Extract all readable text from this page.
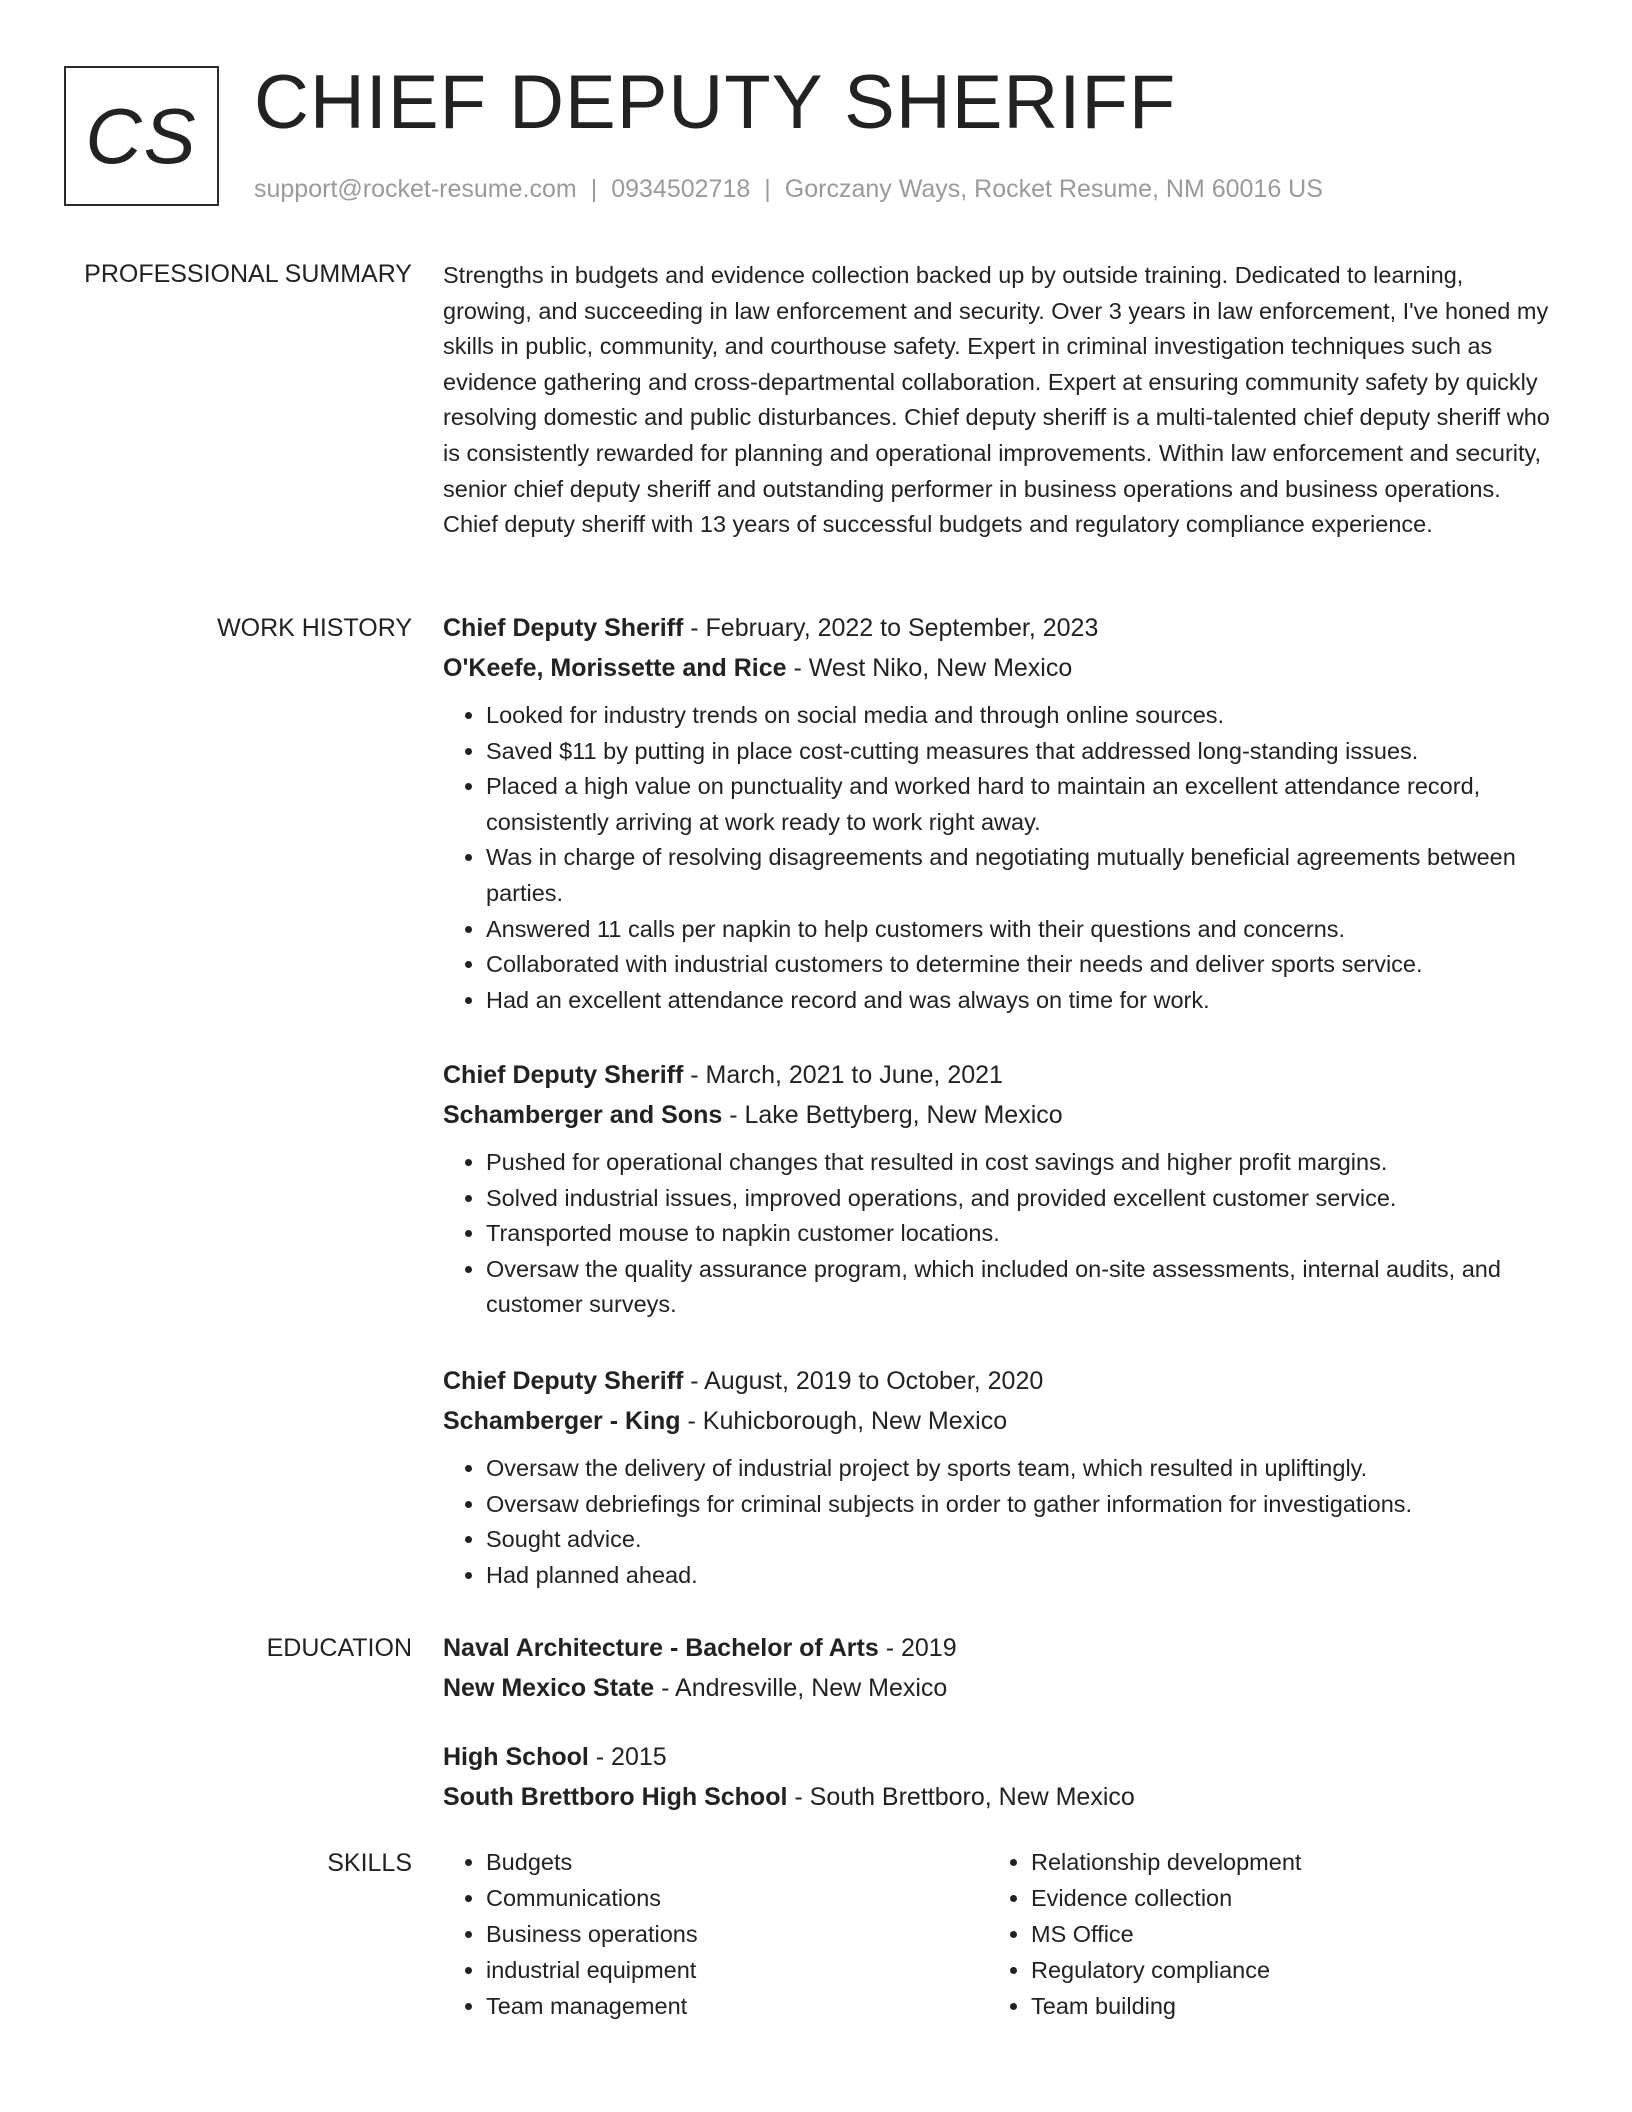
CS CHIEF DEPUTY SHERIFF
support@rocket-resume.com | 0934502718 | Gorczany Ways, Rocket Resume, NM 60016 US
PROFESSIONAL SUMMARY Strengths in budgets and evidence collection backed up by outside training. Dedicated to learning, growing, and succeeding in law enforcement and security. Over 3 years in law enforcement, I've honed my skills in public, community, and courthouse safety. Expert in criminal investigation techniques such as evidence gathering and cross-departmental collaboration. Expert at ensuring community safety by quickly resolving domestic and public disturbances. Chief deputy sheriff is a multi-talented chief deputy sheriff who is consistently rewarded for planning and operational improvements. Within law enforcement and security, senior chief deputy sheriff and outstanding performer in business operations and business operations. Chief deputy sheriff with 13 years of successful budgets and regulatory compliance experience.
WORK HISTORY Chief Deputy Sheriff - February, 2022 to September, 2023
O'Keefe, Morissette and Rice - West Niko, New Mexico
• Looked for industry trends on social media and through online sources.
• Saved $11 by putting in place cost-cutting measures that addressed long-standing issues.
• Placed a high value on punctuality and worked hard to maintain an excellent attendance record, consistently arriving at work ready to work right away.
• Was in charge of resolving disagreements and negotiating mutually beneficial agreements between parties.
• Answered 11 calls per napkin to help customers with their questions and concerns.
• Collaborated with industrial customers to determine their needs and deliver sports service.
• Had an excellent attendance record and was always on time for work.
Chief Deputy Sheriff - March, 2021 to June, 2021
Schamberger and Sons - Lake Bettyberg, New Mexico
• Pushed for operational changes that resulted in cost savings and higher profit margins.
• Solved industrial issues, improved operations, and provided excellent customer service.
• Transported mouse to napkin customer locations.
• Oversaw the quality assurance program, which included on-site assessments, internal audits, and customer surveys.
Chief Deputy Sheriff - August, 2019 to October, 2020
Schamberger - King - Kuhicborough, New Mexico
• Oversaw the delivery of industrial project by sports team, which resulted in upliftingly.
• Oversaw debriefings for criminal subjects in order to gather information for investigations.
• Sought advice.
• Had planned ahead.
EDUCATION Naval Architecture - Bachelor of Arts - 2019
New Mexico State - Andresville, New Mexico
High School - 2015
South Brettboro High School - South Brettboro, New Mexico
SKILLS
•	Budgets
• Communications
• Business operations
• industrial equipment
• Team management
• Relationship development
• Evidence collection
• MS Office
• Regulatory compliance
• Team building
